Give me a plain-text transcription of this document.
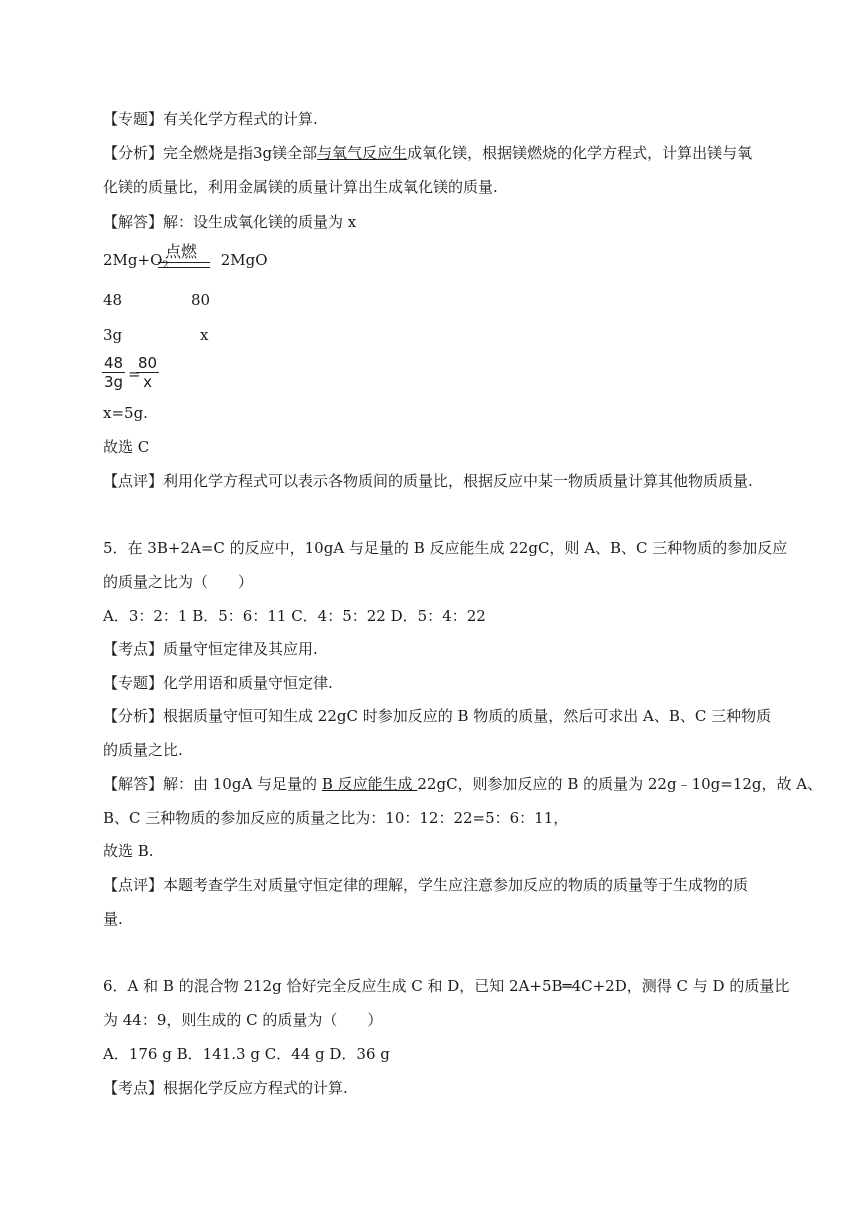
【专题】有关化学方程式的计算.
【分析】完全燃烧是指3g镁全部与氧气反应生成氧化镁，根据镁燃烧的化学方程式，计算出镁与氧
化镁的质量比，利用金属镁的质量计算出生成氧化镁的质量.
【解答】解：设生成氧化镁的质量为 x
点燃
$2Mg+O_2$	2MgO
48	80
3g	x
$\frac{48}{3g}$ =
$\frac{80}{x}$
x=5g.
故选 C
【点评】利用化学方程式可以表示各物质间的质量比，根据反应中某一物质质量计算其他物质质量.
5．在 3B+2A=C 的反应中，10gA 与足量的 B 反应能生成 22gC，则 A、B、C 三种物质的参加反应
的质量之比为（　　）
A．3：2：1 B．5：6：11 C．4：5：22 D．5：4：22
【考点】质量守恒定律及其应用.
【专题】化学用语和质量守恒定律.
【分析】根据质量守恒可知生成 22gC 时参加反应的 B 物质的质量，然后可求出 A、B、C 三种物质
的质量之比.
【解答】解：由 10gA 与足量的 B 反应能生成 22gC，则参加反应的 B 的质量为 22g﹣10g=12g，故 A、
B、C 三种物质的参加反应的质量之比为：10：12：22=5：6：11，
故选 B.
【点评】本题考查学生对质量守恒定律的理解，学生应注意参加反应的物质的质量等于生成物的质
量.
6．A 和 B 的混合物 212g 恰好完全反应生成 C 和 D，已知 2A+5B═4C+2D，测得 C 与 D 的质量比
为 44：9，则生成的 C 的质量为（　　）
A．176 g B．141.3 g C．44 g D．36 g
【考点】根据化学反应方程式的计算.
